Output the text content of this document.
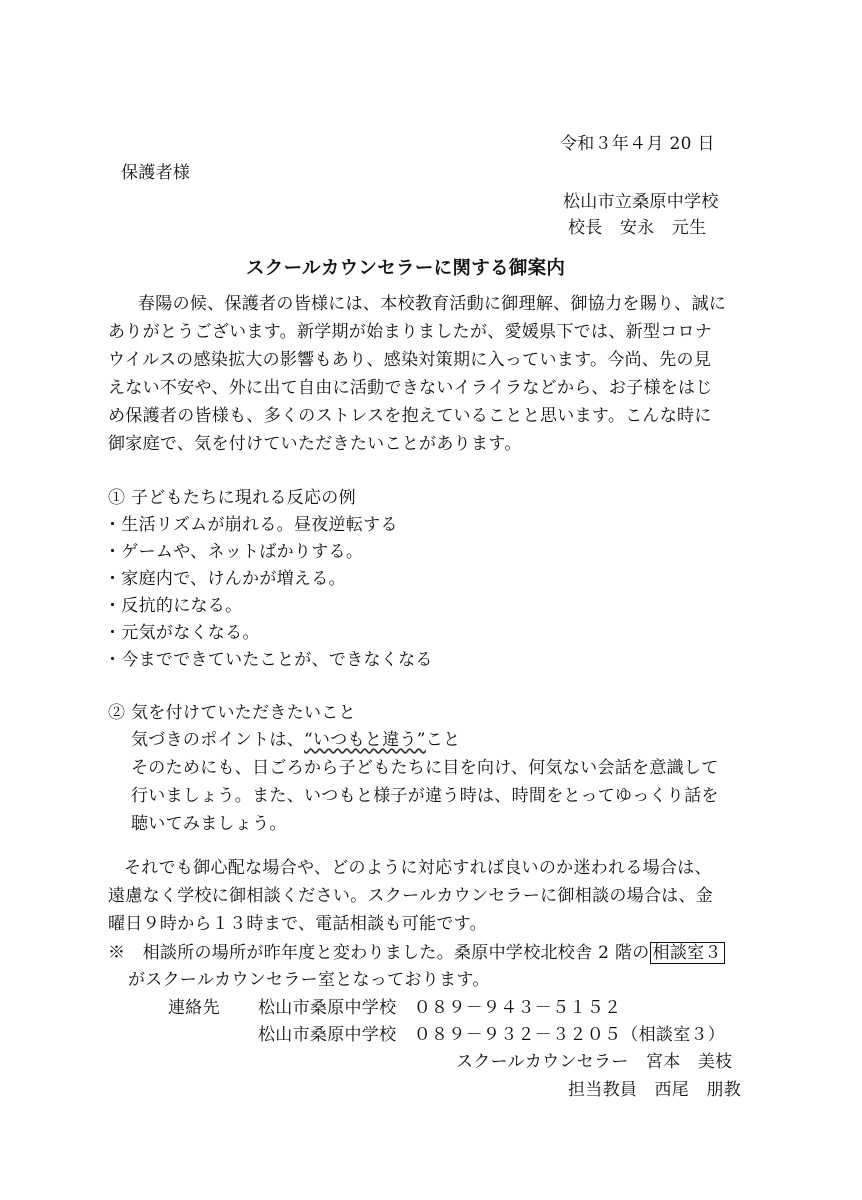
令和３年４月 20 日
保護者様
松山市立桑原中学校
校長　安永　元生
スクールカウンセラーに関する御案内
春陽の候、保護者の皆様には、本校教育活動に御理解、御協力を賜り、誠に
ありがとうございます。新学期が始まりましたが、愛媛県下では、新型コロナ
ウイルスの感染拡大の影響もあり、感染対策期に入っています。今尚、先の見
えない不安や、外に出て自由に活動できないイライラなどから、お子様をはじ
め保護者の皆様も、多くのストレスを抱えていることと思います。こんな時に
御家庭で、気を付けていただきたいことがあります。
① 子どもたちに現れる反応の例
・生活リズムが崩れる。昼夜逆転する
・ゲームや、ネットばかりする。
・家庭内で、けんかが増える。
・反抗的になる。
・元気がなくなる。
・今までできていたことが、できなくなる
② 気を付けていただきたいこと
気づきのポイントは、“いつもと違う”こと
そのためにも、日ごろから子どもたちに目を向け、何気ない会話を意識して
行いましょう。また、いつもと様子が違う時は、時間をとってゆっくり話を
聴いてみましょう。
それでも御心配な場合や、どのように対応すれば良いのか迷われる場合は、
遠慮なく学校に御相談ください。スクールカウンセラーに御相談の場合は、金
曜日９時から１３時まで、電話相談も可能です。
※　相談所の場所が昨年度と変わりました。桑原中学校北校舎 2 階の 相談室３
がスクールカウンセラー室となっております。
連絡先 松山市桑原中学校　０８９－９４３－５１５２
松山市桑原中学校　０８９－９３２－３２０５（相談室３）
スクールカウンセラー　宮本　美枝
担当教員　西尾　朋教
